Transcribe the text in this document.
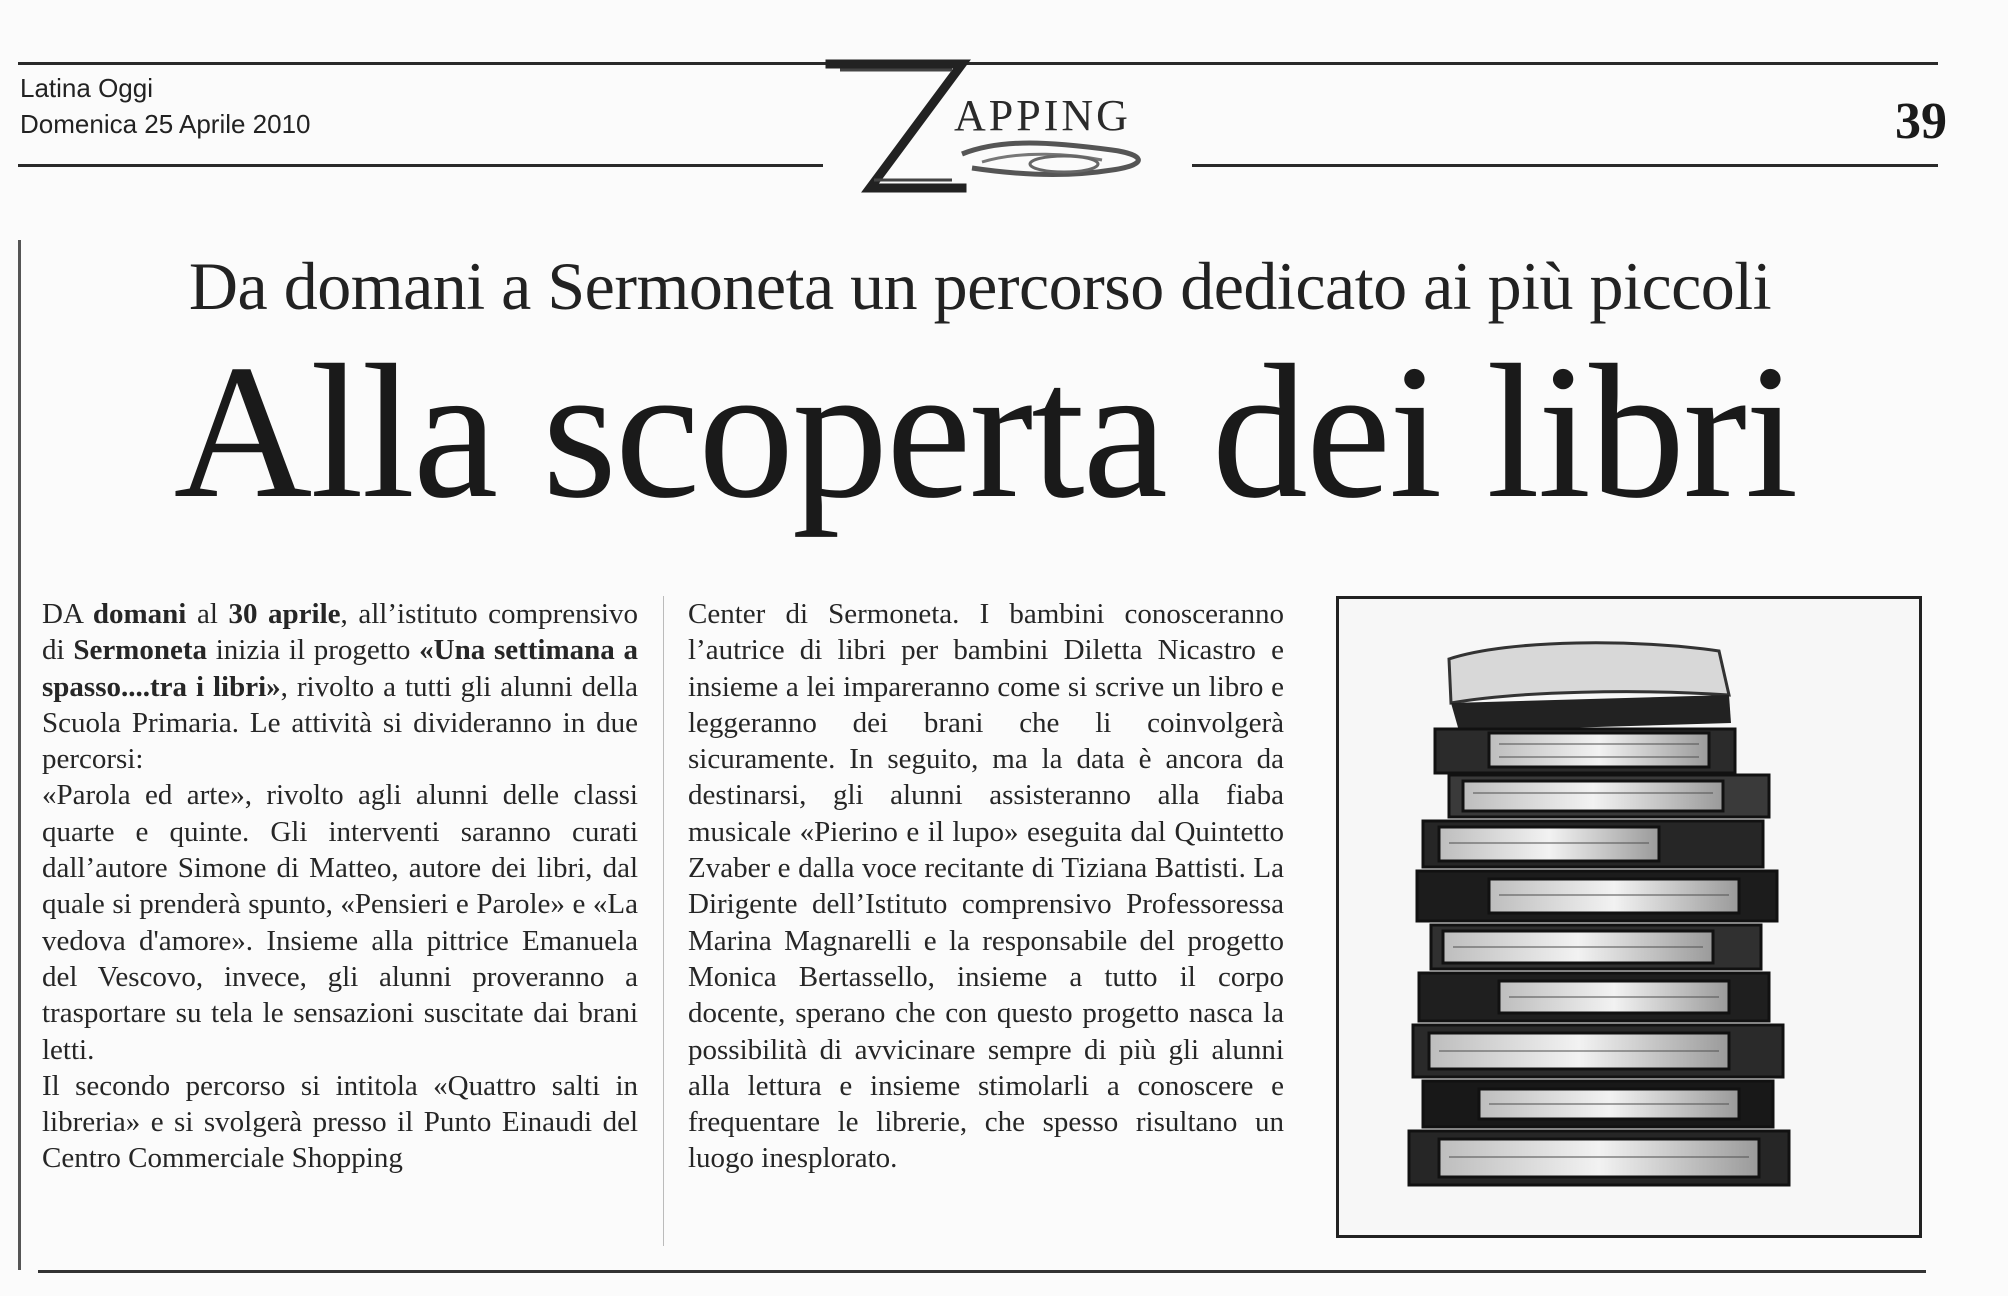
Latina Oggi
Domenica 25 Aprile 2010	APPING	39
Da domani a Sermoneta un percorso dedicato ai più piccoli
Alla scoperta dei libri

DA domani al 30 aprile, all’istituto comprensivo di Sermoneta inizia il progetto «Una settimana a spasso....tra i libri», rivolto a tutti gli alunni della Scuola Primaria. Le attività si divideranno in due percorsi:

«Parola ed arte», rivolto agli alunni delle classi quarte e quinte. Gli interventi saranno curati dall’autore Simone di Matteo, autore dei libri, dal quale si prenderà spunto, «Pensieri e Parole» e «La vedova d'amore». Insieme alla pittrice Emanuela del Vescovo, invece, gli alunni proveranno a trasportare su tela le sensazioni suscitate dai brani letti.

Il secondo percorso si intitola «Quattro salti in libreria» e si svolgerà presso il Punto Einaudi del Centro Commerciale Shopping

Center di Sermoneta. I bambini conosceranno l’autrice di libri per bambini Diletta Nicastro e insieme a lei impareranno come si scrive un libro e leggeranno dei brani che li coinvolgerà sicuramente. In seguito, ma la data è ancora da destinarsi, gli alunni assisteranno alla fiaba musicale «Pierino e il lupo» eseguita dal Quintetto Zvaber e dalla voce recitante di Tiziana Battisti. La Dirigente dell’Istituto comprensivo Professoressa Marina Magnarelli e la responsabile del progetto Monica Bertassello, insieme a tutto il corpo docente, sperano che con questo progetto nasca la possibilità di avvicinare sempre di più gli alunni alla lettura e insieme stimolarli a conoscere e frequentare le librerie, che spesso risultano un luogo inesplorato.
